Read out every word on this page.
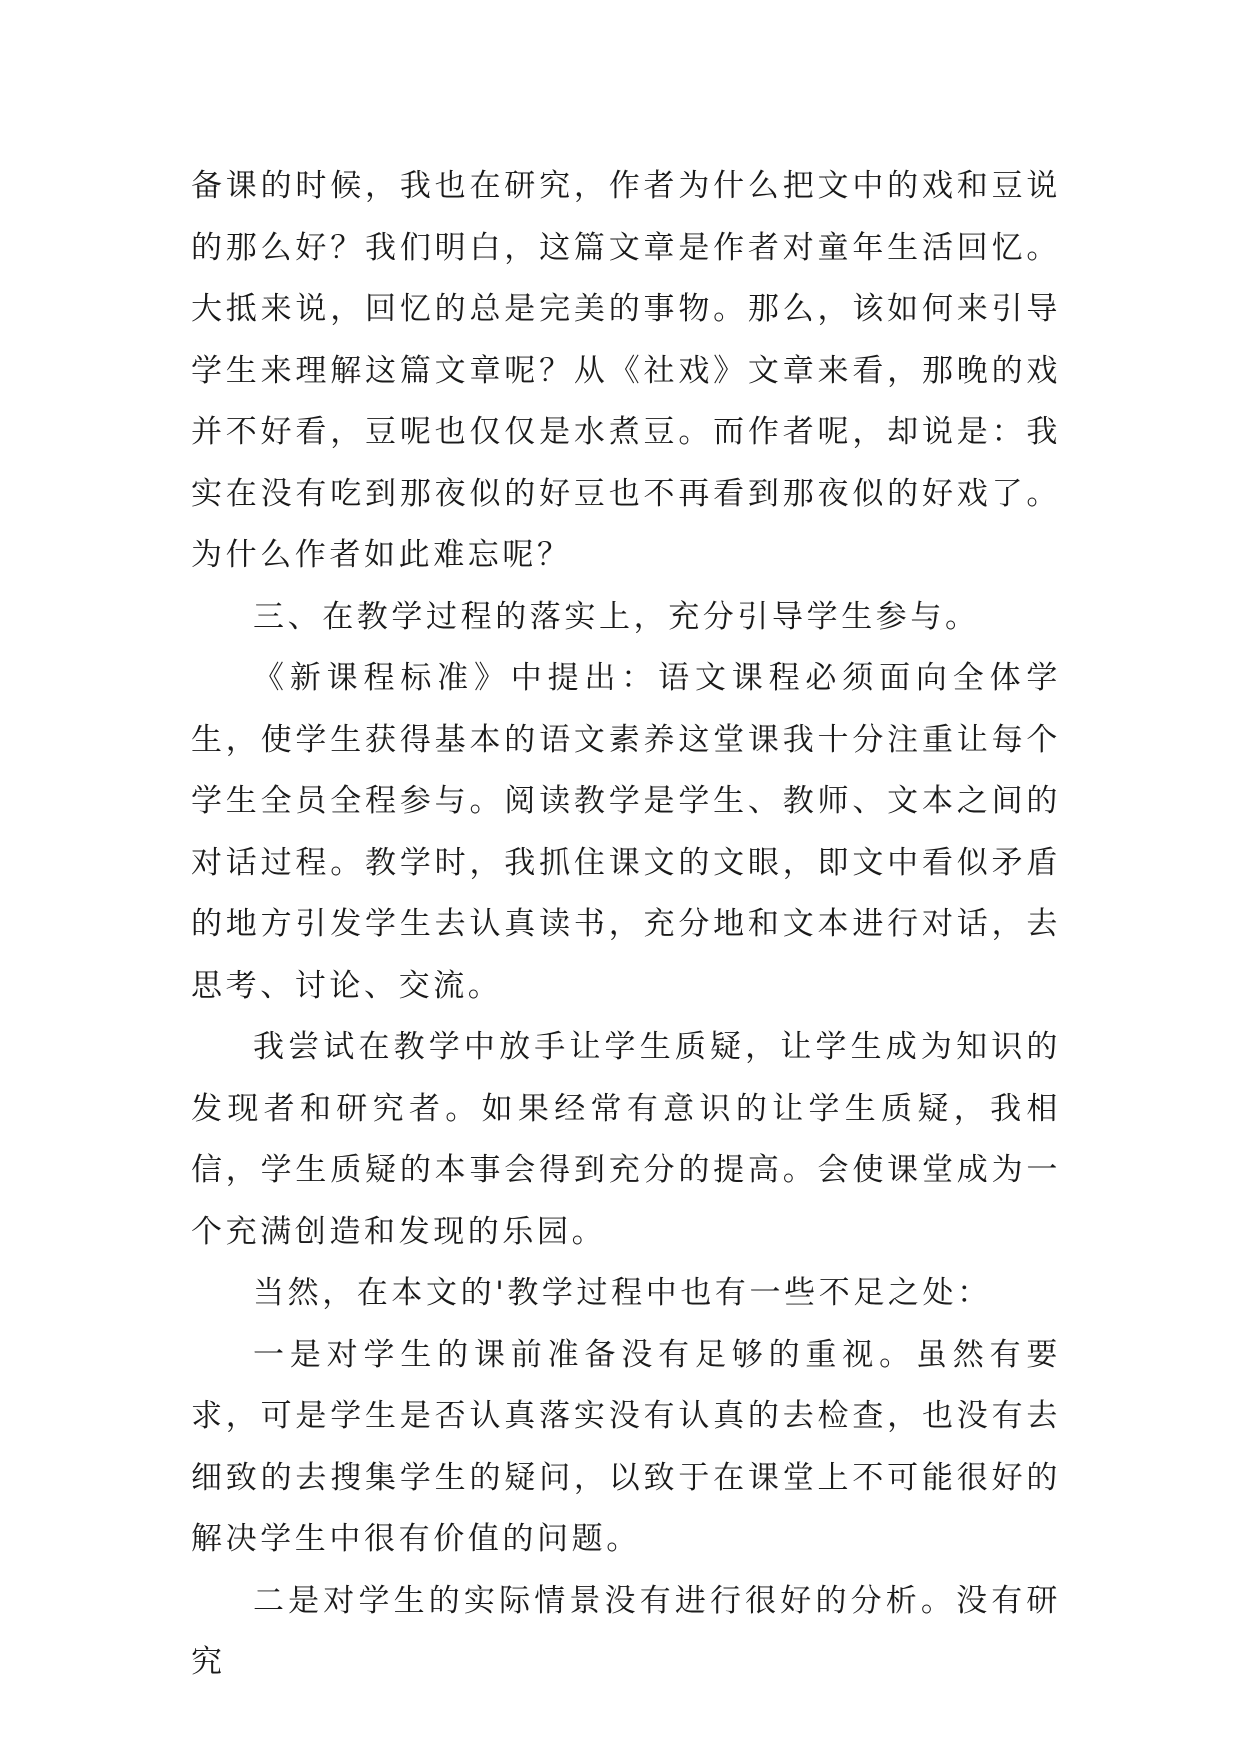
备课的时候，我也在研究，作者为什么把文中的戏和豆说的那么好？我们明白，这篇文章是作者对童年生活回忆。大抵来说，回忆的总是完美的事物。那么，该如何来引导学生来理解这篇文章呢？从《社戏》文章来看，那晚的戏并不好看，豆呢也仅仅是水煮豆。而作者呢，却说是：我实在没有吃到那夜似的好豆也不再看到那夜似的好戏了。为什么作者如此难忘呢？

三、在教学过程的落实上，充分引导学生参与。

《新课程标准》中提出：语文课程必须面向全体学生，使学生获得基本的语文素养这堂课我十分注重让每个学生全员全程参与。阅读教学是学生、教师、文本之间的对话过程。教学时，我抓住课文的文眼，即文中看似矛盾的地方引发学生去认真读书，充分地和文本进行对话，去思考、讨论、交流。

我尝试在教学中放手让学生质疑，让学生成为知识的发现者和研究者。如果经常有意识的让学生质疑，我相信，学生质疑的本事会得到充分的提高。会使课堂成为一个充满创造和发现的乐园。

当然，在本文的'教学过程中也有一些不足之处：

一是对学生的课前准备没有足够的重视。虽然有要求，可是学生是否认真落实没有认真的去检查，也没有去细致的去搜集学生的疑问，以致于在课堂上不可能很好的解决学生中很有价值的问题。

二是对学生的实际情景没有进行很好的分析。没有研究
